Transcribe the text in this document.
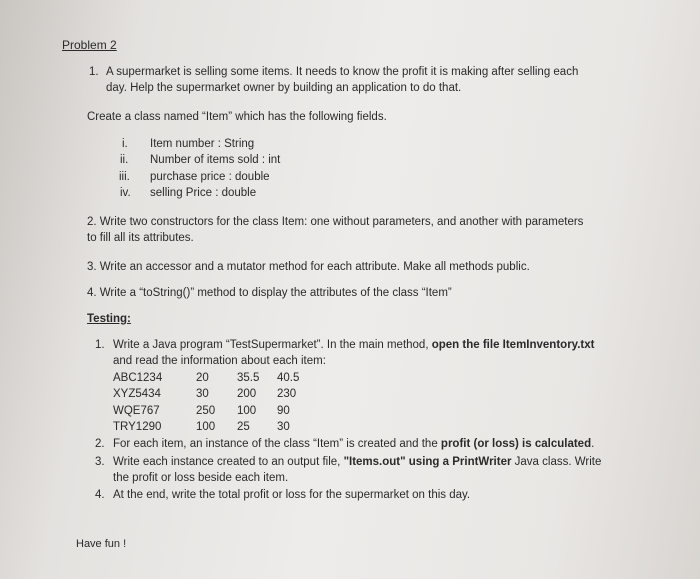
Problem 2
1. A supermarket is selling some items. It needs to know the profit it is making after selling each
day. Help the supermarket owner by building an application to do that.
Create a class named “Item” which has the following fields.
i. Item number : String
ii. Number of items sold : int
iii. purchase price : double
iv. selling Price : double
2. Write two constructors for the class Item: one without parameters, and another with parameters
to fill all its attributes.
3. Write an accessor and a mutator method for each attribute. Make all methods public.
4. Write a “toString()” method to display the attributes of the class “Item”
Testing:
1. Write a Java program “TestSupermarket”. In the main method, open the file ItemInventory.txt
and read the information about each item:
ABC1234	20 35.5 40.5
XYZ5434	30 200 230
WQE767	250 100 90
TRY1290	100 25 30
2. For each item, an instance of the class “Item” is created and the profit (or loss) is calculated.
3. Write each instance created to an output file, "Items.out" using a PrintWriter Java class. Write
the profit or loss beside each item.
4. At the end, write the total profit or loss for the supermarket on this day.
Have fun !
